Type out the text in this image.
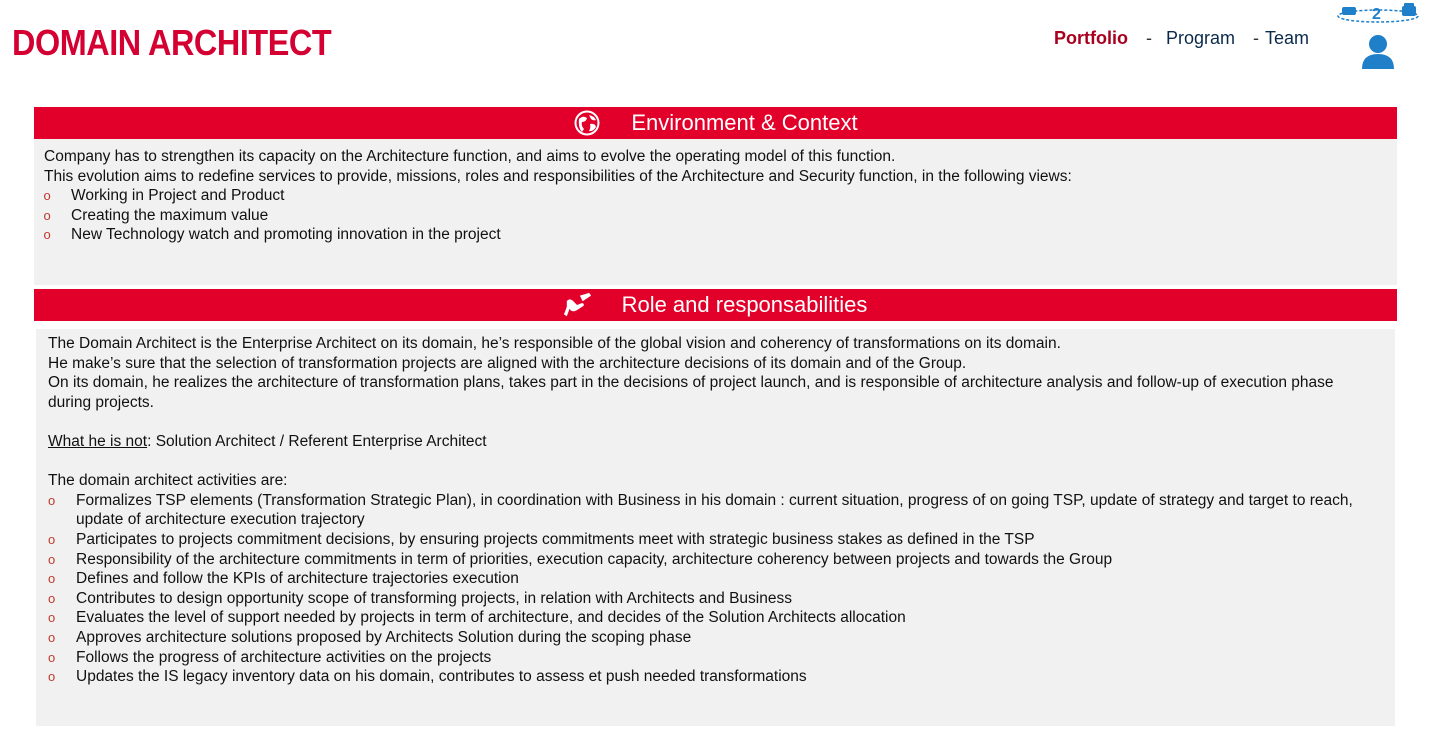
DOMAIN ARCHITECT	Portfolio - Program - Team
2
Environment & Context
Company has to strengthen its capacity on the Architecture function, and aims to evolve the operating model of this function.
This evolution aims to redefine services to provide, missions, roles and responsibilities of the Architecture and Security function, in the following views:
o Working in Project and Product
o Creating the maximum value
o New Technology watch and promoting innovation in the project
Role and responsabilities
The Domain Architect is the Enterprise Architect on its domain, he’s responsible of the global vision and coherency of transformations on its domain.
He make’s sure that the selection of transformation projects are aligned with the architecture decisions of its domain and of the Group.
On its domain, he realizes the architecture of transformation plans, takes part in the decisions of project launch, and is responsible of architecture analysis and follow-up of execution phase during projects.
What he is not: Solution Architect / Referent Enterprise Architect
The domain architect activities are:
o Formalizes TSP elements (Transformation Strategic Plan), in coordination with Business in his domain : current situation, progress of on going TSP, update of strategy and target to reach, update of architecture execution trajectory
o Participates to projects commitment decisions, by ensuring projects commitments meet with strategic business stakes as defined in the TSP
o Responsibility of the architecture commitments in term of priorities, execution capacity, architecture coherency between projects and towards the Group
o Defines and follow the KPIs of architecture trajectories execution
o Contributes to design opportunity scope of transforming projects, in relation with Architects and Business
o Evaluates the level of support needed by projects in term of architecture, and decides of the Solution Architects allocation
o Approves architecture solutions proposed by Architects Solution during the scoping phase
o Follows the progress of architecture activities on the projects
o Updates the IS legacy inventory data on his domain, contributes to assess et push needed transformations
